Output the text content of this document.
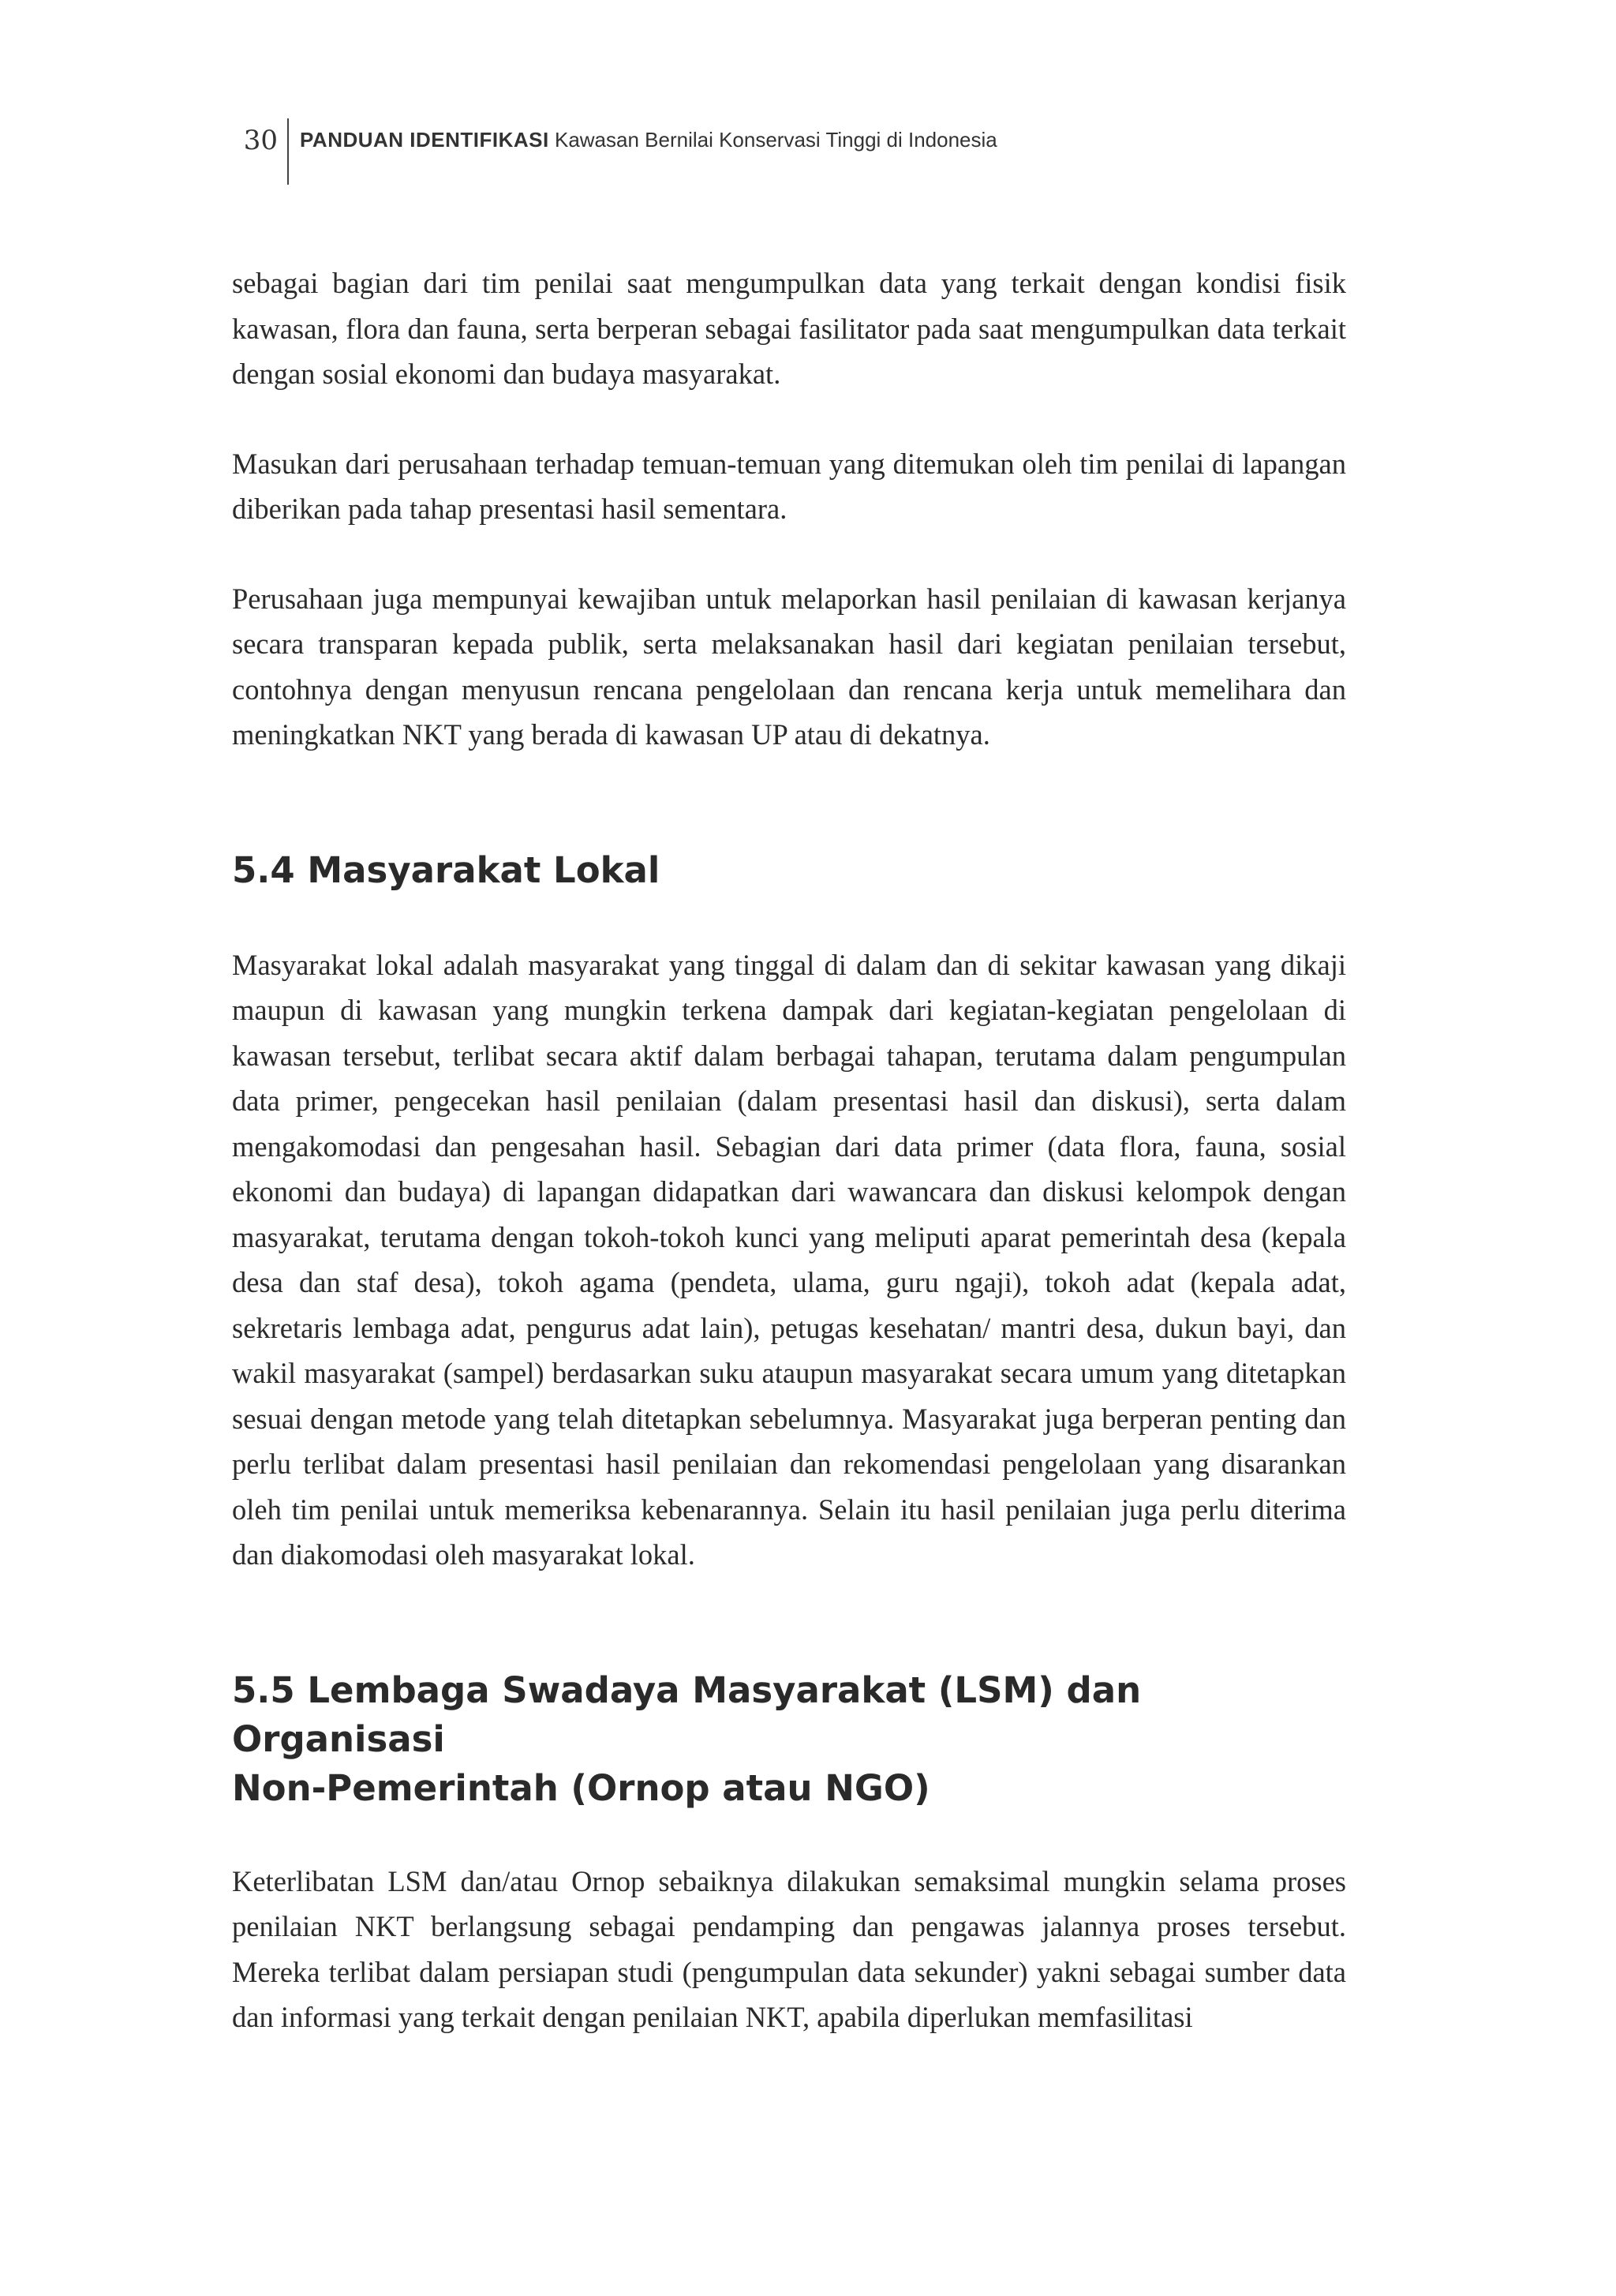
30 PANDUAN IDENTIFIKASI Kawasan Bernilai Konservasi Tinggi di Indonesia

sebagai bagian dari tim penilai saat mengumpulkan data yang terkait dengan kondisi fisik kawasan, flora dan fauna, serta berperan sebagai fasilitator pada saat mengumpulkan data terkait dengan sosial ekonomi dan budaya masyarakat.

Masukan dari perusahaan terhadap temuan-temuan yang ditemukan oleh tim penilai di lapangan diberikan pada tahap presentasi hasil sementara.

Perusahaan juga mempunyai kewajiban untuk melaporkan hasil penilaian di kawasan kerjanya secara transparan kepada publik, serta melaksanakan hasil dari kegiatan penilaian tersebut, contohnya dengan menyusun rencana pengelolaan dan rencana kerja untuk memelihara dan meningkatkan NKT yang berada di kawasan UP atau di dekatnya.

5.4 Masyarakat Lokal

Masyarakat lokal adalah masyarakat yang tinggal di dalam dan di sekitar kawasan yang dikaji maupun di kawasan yang mungkin terkena dampak dari kegiatan-kegiatan pengelolaan di kawasan tersebut, terlibat secara aktif dalam berbagai tahapan, terutama dalam pengumpulan data primer, pengecekan hasil penilaian (dalam presentasi hasil dan diskusi), serta dalam mengakomodasi dan pengesahan hasil. Sebagian dari data primer (data flora, fauna, sosial ekonomi dan budaya) di lapangan didapatkan dari wawancara dan diskusi kelompok dengan masyarakat, terutama dengan tokoh-tokoh kunci yang meliputi aparat pemerintah desa (kepala desa dan staf desa), tokoh agama (pendeta, ulama, guru ngaji), tokoh adat (kepala adat, sekretaris lembaga adat, pengurus adat lain), petugas kesehatan/ mantri desa, dukun bayi, dan wakil masyarakat (sampel) berdasarkan suku ataupun masyarakat secara umum yang ditetapkan sesuai dengan metode yang telah ditetapkan sebelumnya. Masyarakat juga berperan penting dan perlu terlibat dalam presentasi hasil penilaian dan rekomendasi pengelolaan yang disarankan oleh tim penilai untuk memeriksa kebenarannya. Selain itu hasil penilaian juga perlu diterima dan diakomodasi oleh masyarakat lokal.

5.5 Lembaga Swadaya Masyarakat (LSM) dan Organisasi
Non-Pemerintah (Ornop atau NGO)

Keterlibatan LSM dan/atau Ornop sebaiknya dilakukan semaksimal mungkin selama proses penilaian NKT berlangsung sebagai pendamping dan pengawas jalannya proses tersebut. Mereka terlibat dalam persiapan studi (pengumpulan data sekunder) yakni sebagai sumber data dan informasi yang terkait dengan penilaian NKT, apabila diperlukan memfasilitasi
